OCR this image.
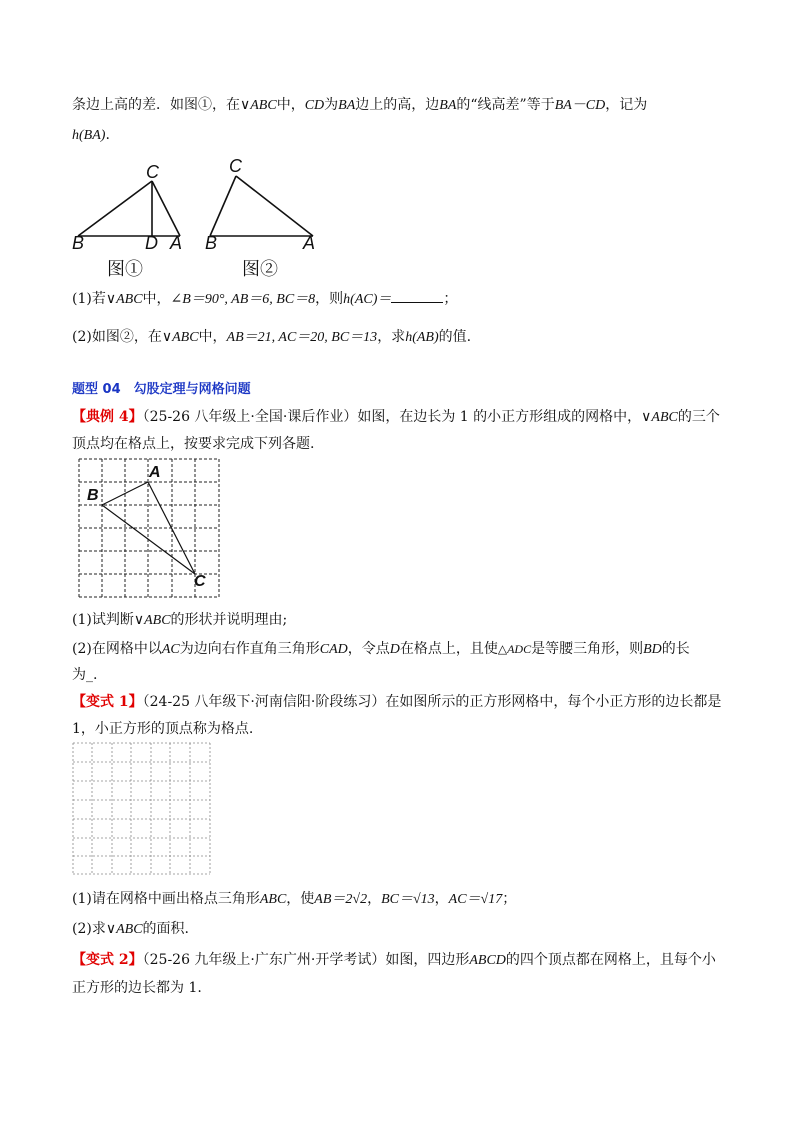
条边上高的差．如图①，在∨ABC中，CD为BA边上的高，边BA的“线高差”等于BA－CD，记为
h(BA).
C
B	D A
图①
C
B	A
图②
(1)若∨ABC中，∠B＝90°, AB＝6, BC＝8，则h(AC)＝	；
(2)如图②，在∨ABC中，AB＝21, AC＝20, BC＝13，求h(AB)的值.
题型 04　勾股定理与网格问题
【典例 4】（25-26 八年级上·全国·课后作业）如图，在边长为 1 的小正方形组成的网格中，∨ABC的三个
顶点均在格点上，按要求完成下列各题.
A
B
C
(1)试判断∨ABC的形状并说明理由;
(2)在网格中以AC为边向右作直角三角形CAD，令点D在格点上，且使△ADC是等腰三角形，则BD的长
为_.
【变式 1】（24-25 八年级下·河南信阳·阶段练习）在如图所示的正方形网格中，每个小正方形的边长都是
1，小正方形的顶点称为格点.
(1)请在网格中画出格点三角形ABC，使AB＝2√2，BC＝√13，AC＝√17；
(2)求∨ABC的面积.
【变式 2】（25-26 九年级上·广东广州·开学考试）如图，四边形ABCD的四个顶点都在网格上，且每个小
正方形的边长都为 1.
